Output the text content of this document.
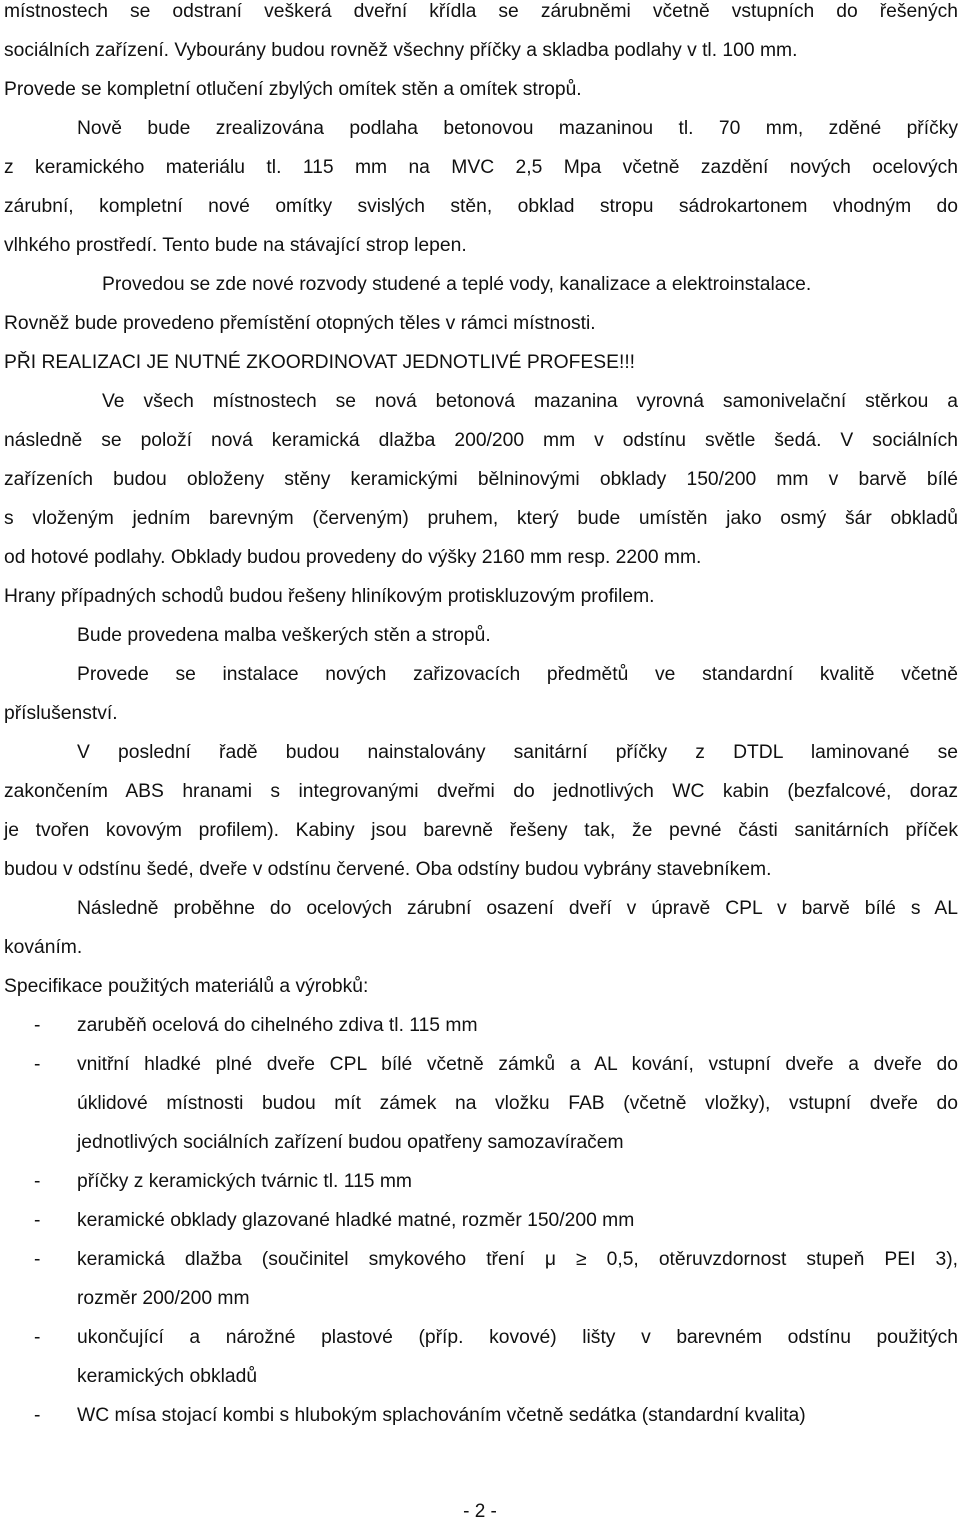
místnostech se odstraní veškerá dveřní křídla se zárubněmi včetně vstupních do řešených
sociálních zařízení. Vybourány budou rovněž všechny příčky a skladba podlahy v tl. 100 mm.
Provede se kompletní otlučení zbylých omítek stěn a omítek stropů.
Nově bude zrealizována podlaha betonovou mazaninou tl. 70 mm, zděné příčky
z keramického materiálu tl. 115 mm na MVC 2,5 Mpa včetně zazdění nových ocelových
zárubní, kompletní nové omítky svislých stěn, obklad stropu sádrokartonem vhodným do
vlhkého prostředí. Tento bude na stávající strop lepen.
Provedou se zde nové rozvody studené a teplé vody, kanalizace a elektroinstalace.
Rovněž bude provedeno přemístění otopných těles v rámci místnosti.
PŘI REALIZACI JE NUTNÉ ZKOORDINOVAT JEDNOTLIVÉ PROFESE!!!
Ve všech místnostech se nová betonová mazanina vyrovná samonivelační stěrkou a
následně se položí nová keramická dlažba 200/200 mm v odstínu světle šedá. V sociálních
zařízeních budou obloženy stěny keramickými bělninovými obklady 150/200 mm v barvě bílé
s vloženým jedním barevným (červeným) pruhem, který bude umístěn jako osmý šár obkladů
od hotové podlahy. Obklady budou provedeny do výšky 2160 mm resp. 2200 mm.
Hrany případných schodů budou řešeny hliníkovým protiskluzovým profilem.
Bude provedena malba veškerých stěn a stropů.
Provede se instalace nových zařizovacích předmětů ve standardní kvalitě včetně
příslušenství.
V poslední řadě budou nainstalovány sanitární příčky z DTDL laminované se
zakončením ABS hranami s integrovanými dveřmi do jednotlivých WC kabin (bezfalcové, doraz
je tvořen kovovým profilem). Kabiny jsou barevně řešeny tak, že pevné části sanitárních příček
budou v odstínu šedé, dveře v odstínu červené. Oba odstíny budou vybrány stavebníkem.
Následně proběhne do ocelových zárubní osazení dveří v úpravě CPL v barvě bílé s AL
kováním.
Specifikace použitých materiálů a výrobků:
- zaruběň ocelová do cihelného zdiva tl. 115 mm
- vnitřní hladké plné dveře CPL bílé včetně zámků a AL kování, vstupní dveře a dveře do
úklidové místnosti budou mít zámek na vložku FAB (včetně vložky), vstupní dveře do
jednotlivých sociálních zařízení budou opatřeny samozavíračem
- příčky z keramických tvárnic tl. 115 mm
- keramické obklady glazované hladké matné, rozměr 150/200 mm
- keramická dlažba (součinitel smykového tření μ ≥ 0,5, otěruvzdornost stupeň PEI 3),
rozměr 200/200 mm
- ukončující a nárožné plastové (příp. kovové) lišty v barevném odstínu použitých
keramických obkladů
- WC mísa stojací kombi s hlubokým splachováním včetně sedátka (standardní kvalita)
- 2 -
